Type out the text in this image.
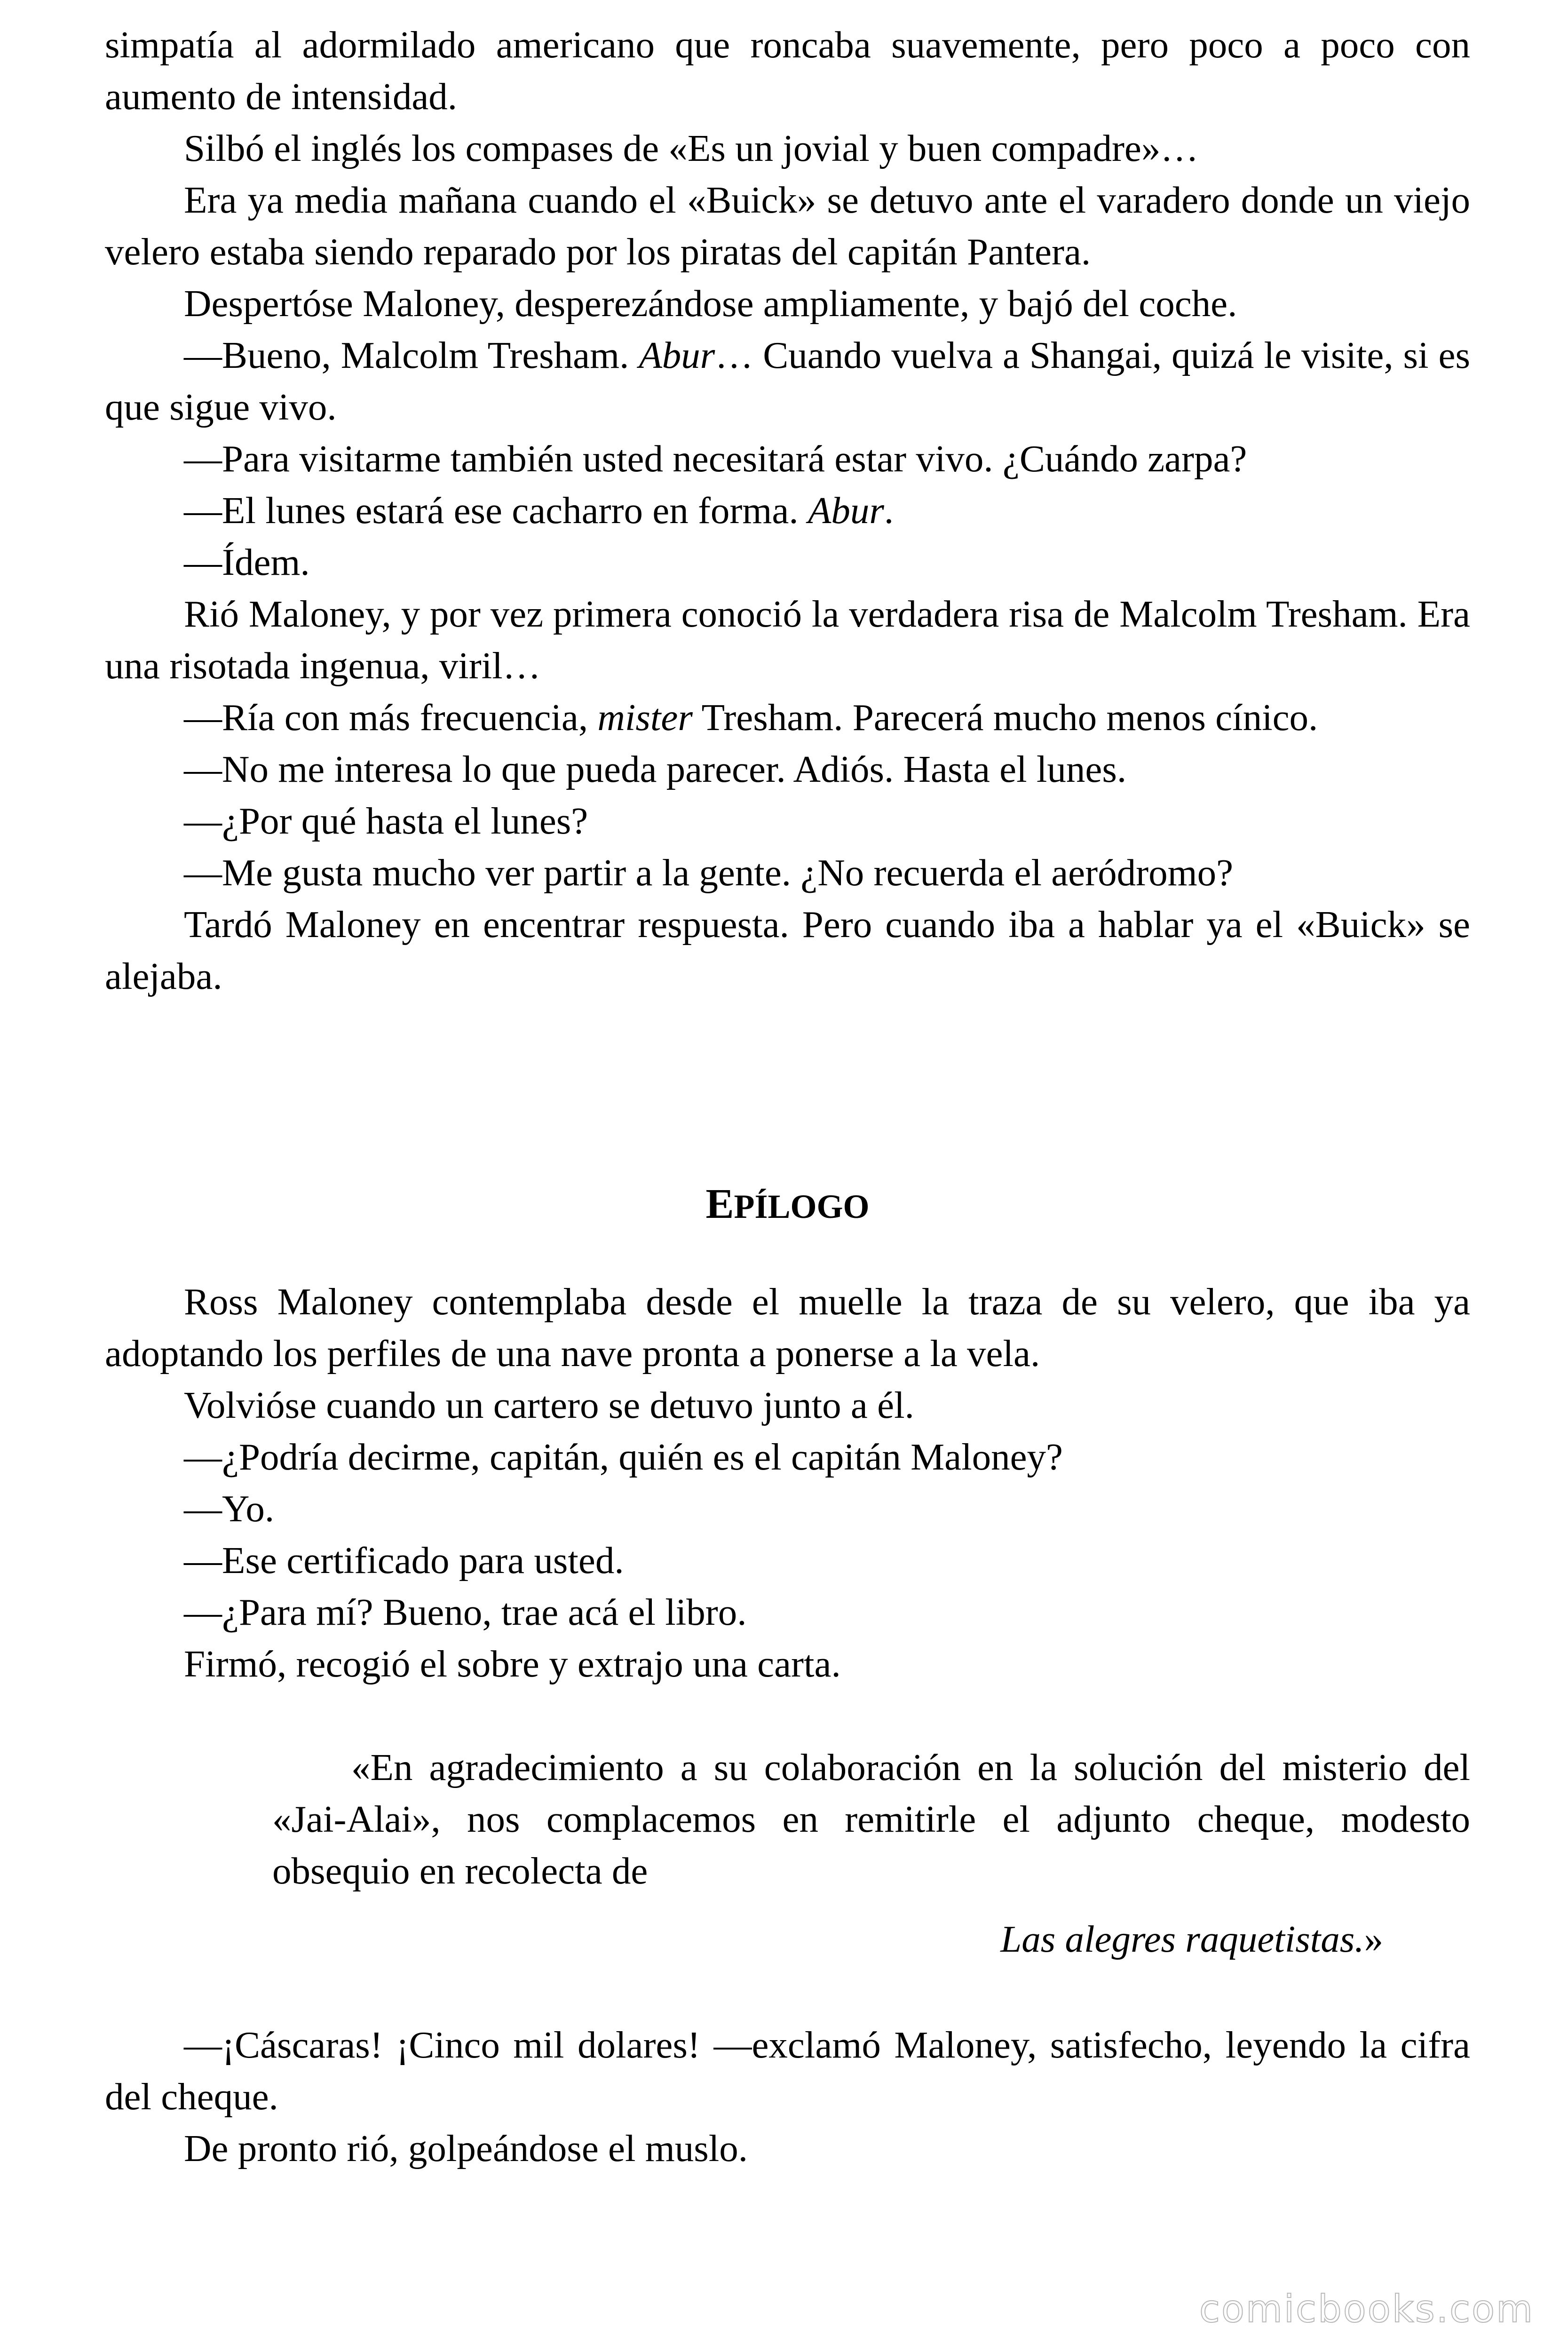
simpatía al adormilado americano que roncaba suavemente, pero poco a poco con aumento de intensidad.

Silbó el inglés los compases de «Es un jovial y buen compadre»…

Era ya media mañana cuando el «Buick» se detuvo ante el varadero donde un viejo velero estaba siendo reparado por los piratas del capitán Pantera.

Despertóse Maloney, desperezándose ampliamente, y bajó del coche.

—Bueno, Malcolm Tresham. Abur… Cuando vuelva a Shangai, quizá le visite, si es que sigue vivo.

—Para visitarme también usted necesitará estar vivo. ¿Cuándo zarpa?

—El lunes estará ese cacharro en forma. Abur.

—Ídem.

Rió Maloney, y por vez primera conoció la verdadera risa de Malcolm Tresham. Era una risotada ingenua, viril…

—Ría con más frecuencia, mister Tresham. Parecerá mucho menos cínico.

—No me interesa lo que pueda parecer. Adiós. Hasta el lunes.

—¿Por qué hasta el lunes?

—Me gusta mucho ver partir a la gente. ¿No recuerda el aeródromo?

Tardó Maloney en encentrar respuesta. Pero cuando iba a hablar ya el «Buick» se alejaba.

EPÍLOGO

Ross Maloney contemplaba desde el muelle la traza de su velero, que iba ya adoptando los perfiles de una nave pronta a ponerse a la vela.

Volvióse cuando un cartero se detuvo junto a él.

—¿Podría decirme, capitán, quién es el capitán Maloney?

—Yo.

—Ese certificado para usted.

—¿Para mí? Bueno, trae acá el libro.

Firmó, recogió el sobre y extrajo una carta.

«En agradecimiento a su colaboración en la solución del misterio del «Jai-Alai», nos complacemos en remitirle el adjunto cheque, modesto obsequio en recolecta de

Las alegres raquetistas.»

—¡Cáscaras! ¡Cinco mil dolares! —exclamó Maloney, satisfecho, leyendo la cifra del cheque.

De pronto rió, golpeándose el muslo.

comicbooks.com
